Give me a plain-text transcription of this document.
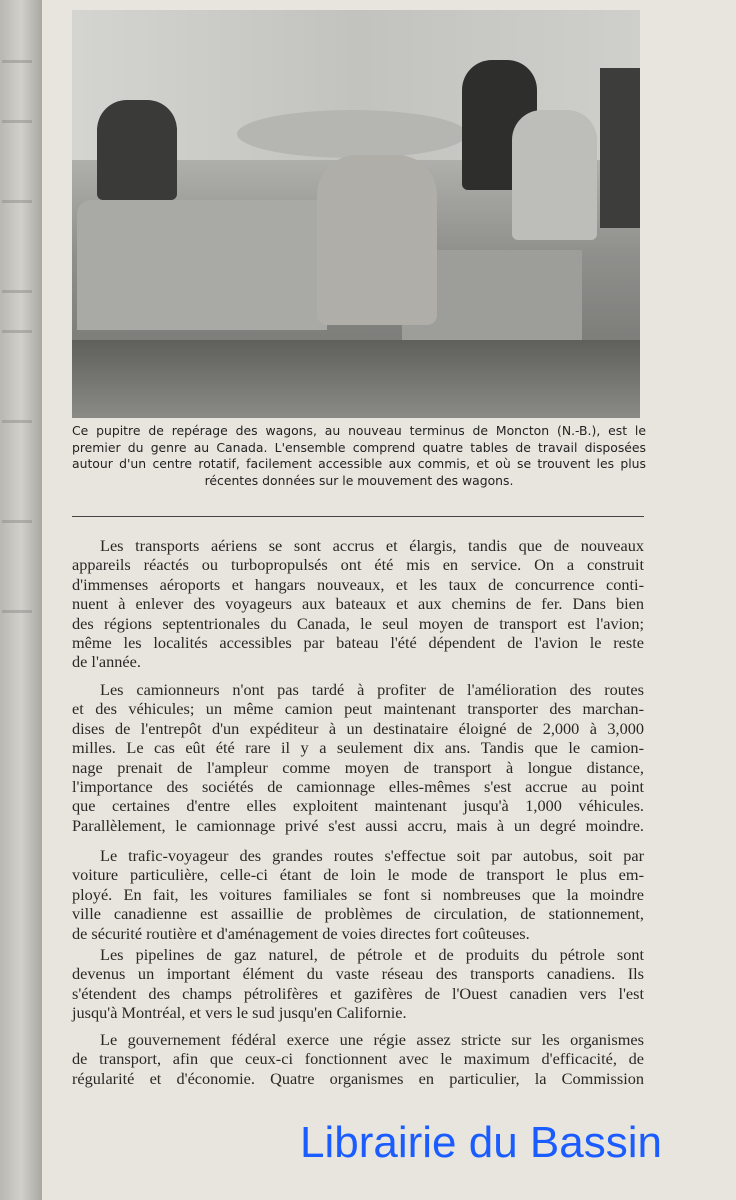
Ce pupitre de repérage des wagons, au nouveau terminus de Moncton (N.-B.), est le
premier du genre au Canada. L'ensemble comprend quatre tables de travail disposées
autour d'un centre rotatif, facilement accessible aux commis, et où se trouvent les plus
récentes données sur le mouvement des wagons.
Les transports aériens se sont accrus et élargis, tandis que de nouveaux
appareils réactés ou turbopropulsés ont été mis en service. On a construit
d'immenses aéroports et hangars nouveaux, et les taux de concurrence conti-
nuent à enlever des voyageurs aux bateaux et aux chemins de fer. Dans bien
des régions septentrionales du Canada, le seul moyen de transport est l'avion;
même les localités accessibles par bateau l'été dépendent de l'avion le reste
de l'année.
Les camionneurs n'ont pas tardé à profiter de l'amélioration des routes
et des véhicules; un même camion peut maintenant transporter des marchan-
dises de l'entrepôt d'un expéditeur à un destinataire éloigné de 2,000 à 3,000
milles. Le cas eût été rare il y a seulement dix ans. Tandis que le camion-
nage prenait de l'ampleur comme moyen de transport à longue distance,
l'importance des sociétés de camionnage elles-mêmes s'est accrue au point
que certaines d'entre elles exploitent maintenant jusqu'à 1,000 véhicules.
Parallèlement, le camionnage privé s'est aussi accru, mais à un degré moindre.
Le trafic-voyageur des grandes routes s'effectue soit par autobus, soit par
voiture particulière, celle-ci étant de loin le mode de transport le plus em-
ployé. En fait, les voitures familiales se font si nombreuses que la moindre
ville canadienne est assaillie de problèmes de circulation, de stationnement,
de sécurité routière et d'aménagement de voies directes fort coûteuses.
Les pipelines de gaz naturel, de pétrole et de produits du pétrole sont
devenus un important élément du vaste réseau des transports canadiens. Ils
s'étendent des champs pétrolifères et gazifères de l'Ouest canadien vers l'est
jusqu'à Montréal, et vers le sud jusqu'en Californie.
Le gouvernement fédéral exerce une régie assez stricte sur les organismes
de transport, afin que ceux-ci fonctionnent avec le maximum d'efficacité, de
régularité et d'économie. Quatre organismes en particulier, la Commission
Librairie du Bassin
